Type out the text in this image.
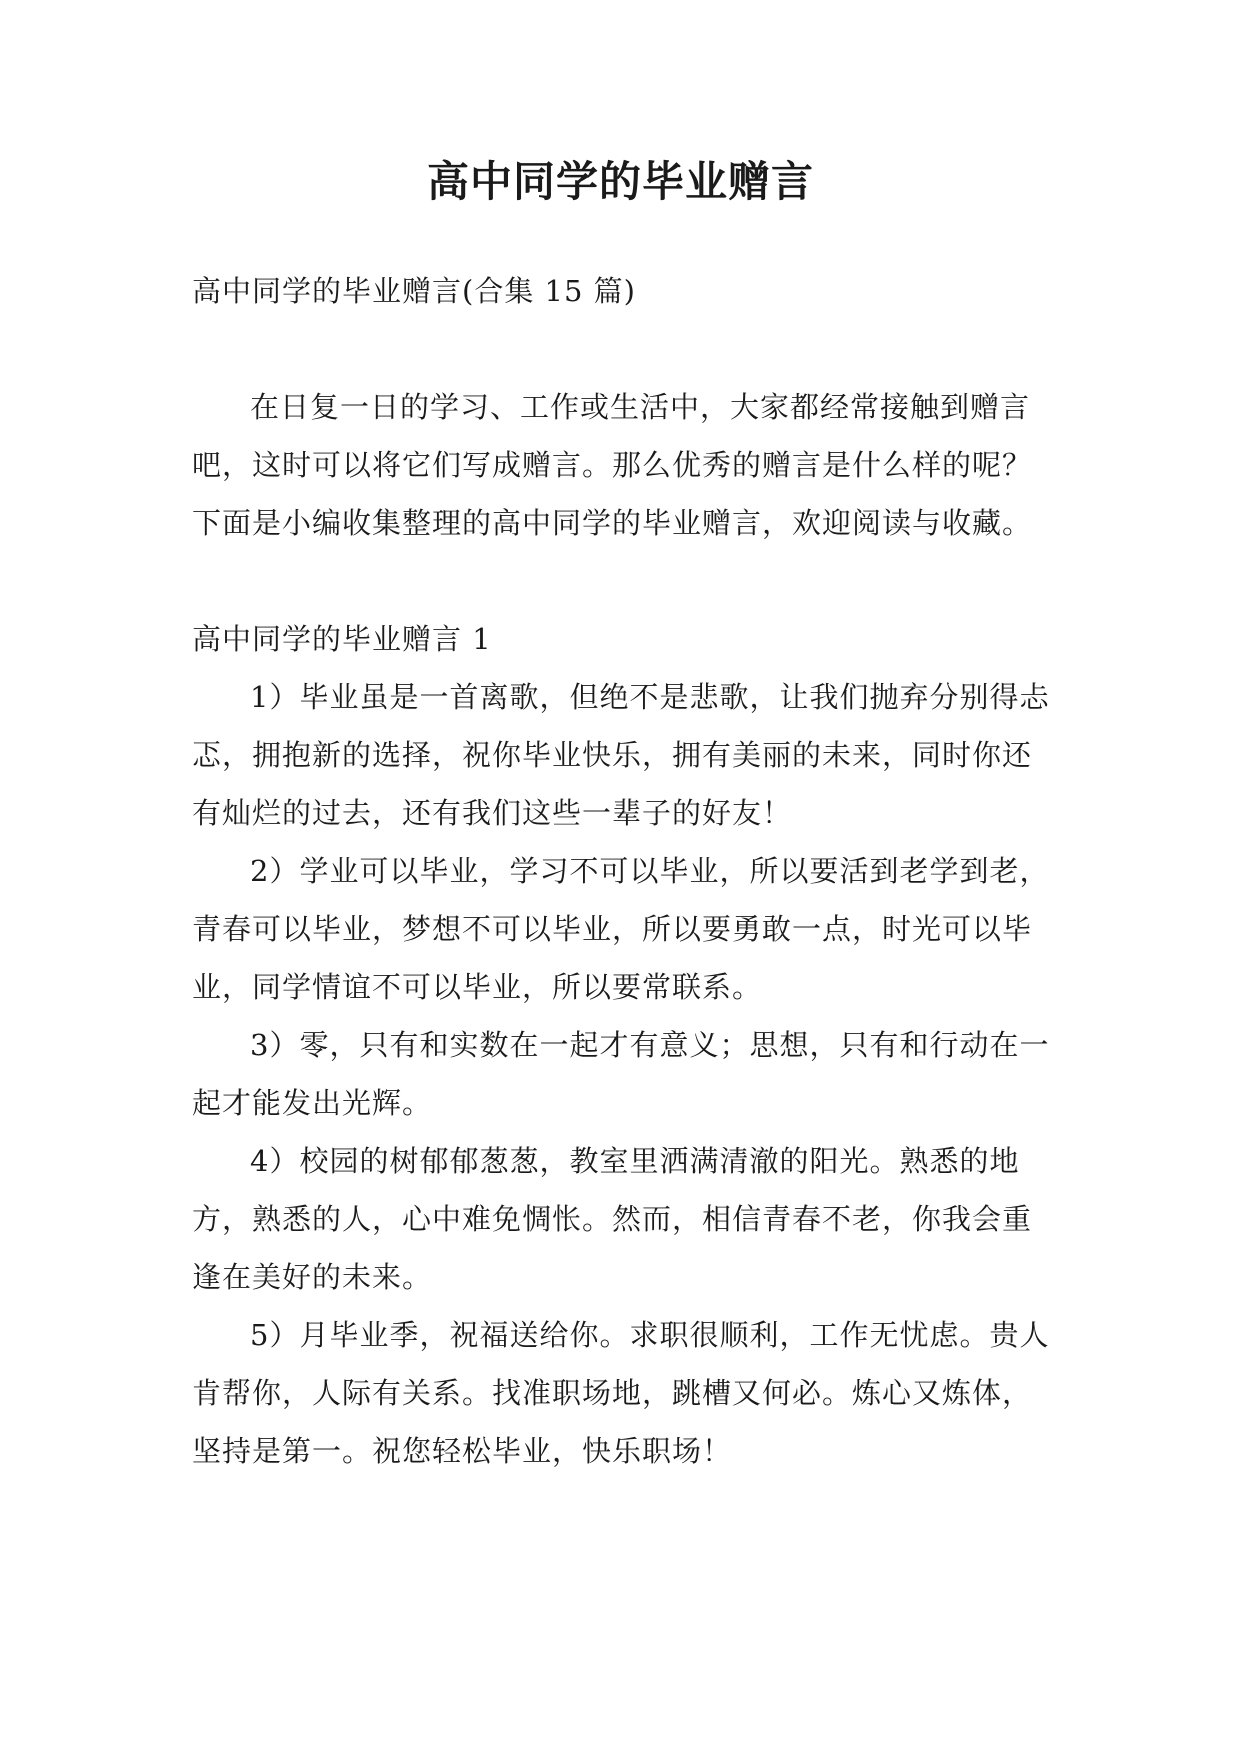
高中同学的毕业赠言

高中同学的毕业赠言(合集 15 篇)

在日复一日的学习、工作或生活中，大家都经常接触到赠言吧，这时可以将它们写成赠言。那么优秀的赠言是什么样的呢？下面是小编收集整理的高中同学的毕业赠言，欢迎阅读与收藏。

高中同学的毕业赠言 1

1）毕业虽是一首离歌，但绝不是悲歌，让我们抛弃分别得忐忑，拥抱新的选择，祝你毕业快乐，拥有美丽的未来，同时你还有灿烂的过去，还有我们这些一辈子的好友！

2）学业可以毕业，学习不可以毕业，所以要活到老学到老，青春可以毕业，梦想不可以毕业，所以要勇敢一点，时光可以毕业，同学情谊不可以毕业，所以要常联系。

3）零，只有和实数在一起才有意义；思想，只有和行动在一起才能发出光辉。

4）校园的树郁郁葱葱，教室里洒满清澈的阳光。熟悉的地方，熟悉的人，心中难免惆怅。然而，相信青春不老，你我会重逢在美好的未来。

5）月毕业季，祝福送给你。求职很顺利，工作无忧虑。贵人肯帮你，人际有关系。找准职场地，跳槽又何必。炼心又炼体，坚持是第一。祝您轻松毕业，快乐职场！
